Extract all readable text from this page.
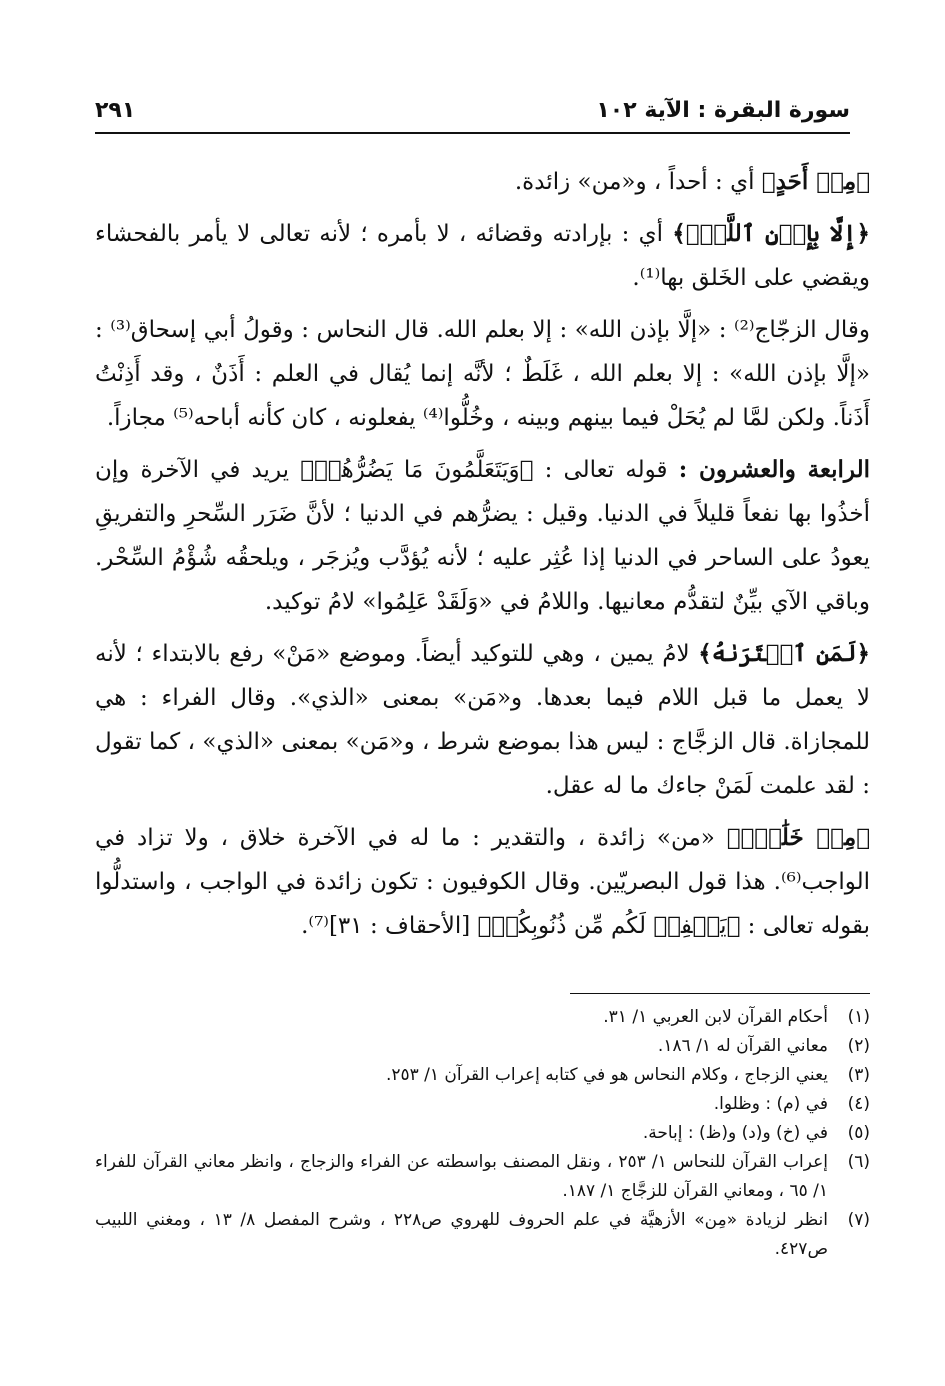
سورة البقرة : الآية ١٠٢
٢٩١

﴿مِنۡ أَحَدٍ﴾ أي : أحداً ، و«من» زائدة.

﴿إِلَّا بِإِذۡنِ ٱللَّهِۚ﴾ أي : بإرادته وقضائه ، لا بأمره ؛ لأنه تعالى لا يأمر بالفحشاء ويقضي على الخَلق بها⁽¹⁾.

وقال الزجّاج⁽²⁾ : «إلَّا بإذن الله» : إلا بعلم الله. قال النحاس : وقولُ أبي إسحاق⁽³⁾ : «إلَّا بإذن الله» : إلا بعلم الله ، غَلَطٌ ؛ لأنَّه إنما يُقال في العلم : أَذَنٌ ، وقد أَذِنْتُ أَذَناً. ولكن لمَّا لم يُحَلْ فيما بينهم وبينه ، وخُلُّوا⁽⁴⁾ يفعلونه ، كان كأنه أباحه⁽⁵⁾ مجازاً.

الرابعة والعشرون : قوله تعالى : ﴿وَيَتَعَلَّمُونَ مَا يَضُرُّهُمۡ﴾ يريد في الآخرة وإن أخذُوا بها نفعاً قليلاً في الدنيا. وقيل : يضرُّهم في الدنيا ؛ لأنَّ ضَرَر السِّحرِ والتفريقِ يعودُ على الساحر في الدنيا إذا عُثِر عليه ؛ لأنه يُؤدَّب ويُزجَر ، ويلحقُه شُؤْمُ السِّحْر. وباقي الآي بيِّنٌ لتقدُّم معانيها. واللامُ في «وَلَقَدْ عَلِمُوا» لامُ توكيد.

﴿لَمَنِ ٱشۡتَرَىٰهُ﴾ لامُ يمين ، وهي للتوكيد أيضاً. وموضع «مَنْ» رفع بالابتداء ؛ لأنه لا يعمل ما قبل اللام فيما بعدها. و«مَن» بمعنى «الذي». وقال الفراء : هي للمجازاة. قال الزجَّاج : ليس هذا بموضع شرط ، و«مَن» بمعنى «الذي» ، كما تقول : لقد علمت لَمَنْ جاءك ما له عقل.

﴿مِنۡ خَلَٰقٍۚ﴾ «من» زائدة ، والتقدير : ما له في الآخرة خلاق ، ولا تزاد في الواجب⁽⁶⁾. هذا قول البصريّين. وقال الكوفيون : تكون زائدة في الواجب ، واستدلُّوا بقوله تعالى : ﴿يَغۡفِرۡ لَكُم مِّن ذُنُوبِكُمۡ﴾ [الأحقاف : ٣١]⁽⁷⁾.

(١)
أحكام القرآن لابن العربي ١/ ٣١.

(٢)
معاني القرآن له ١/ ١٨٦.

(٣)
يعني الزجاج ، وكلام النحاس هو في كتابه إعراب القرآن ١/ ٢٥٣.

(٤)
في (م) : وظلوا.

(٥)
في (خ) و(د) و(ظ) : إباحة.

(٦)
إعراب القرآن للنحاس ١/ ٢٥٣ ، ونقل المصنف بواسطته عن الفراء والزجاج ، وانظر معاني القرآن للفراء ١/ ٦٥ ، ومعاني القرآن للزجَّاج ١/ ١٨٧.

(٧)
انظر لزيادة «مِن» الأزهيَّة في علم الحروف للهروي ص٢٢٨ ، وشرح المفصل ٨/ ١٣ ، ومغني اللبيب ص٤٢٧.
